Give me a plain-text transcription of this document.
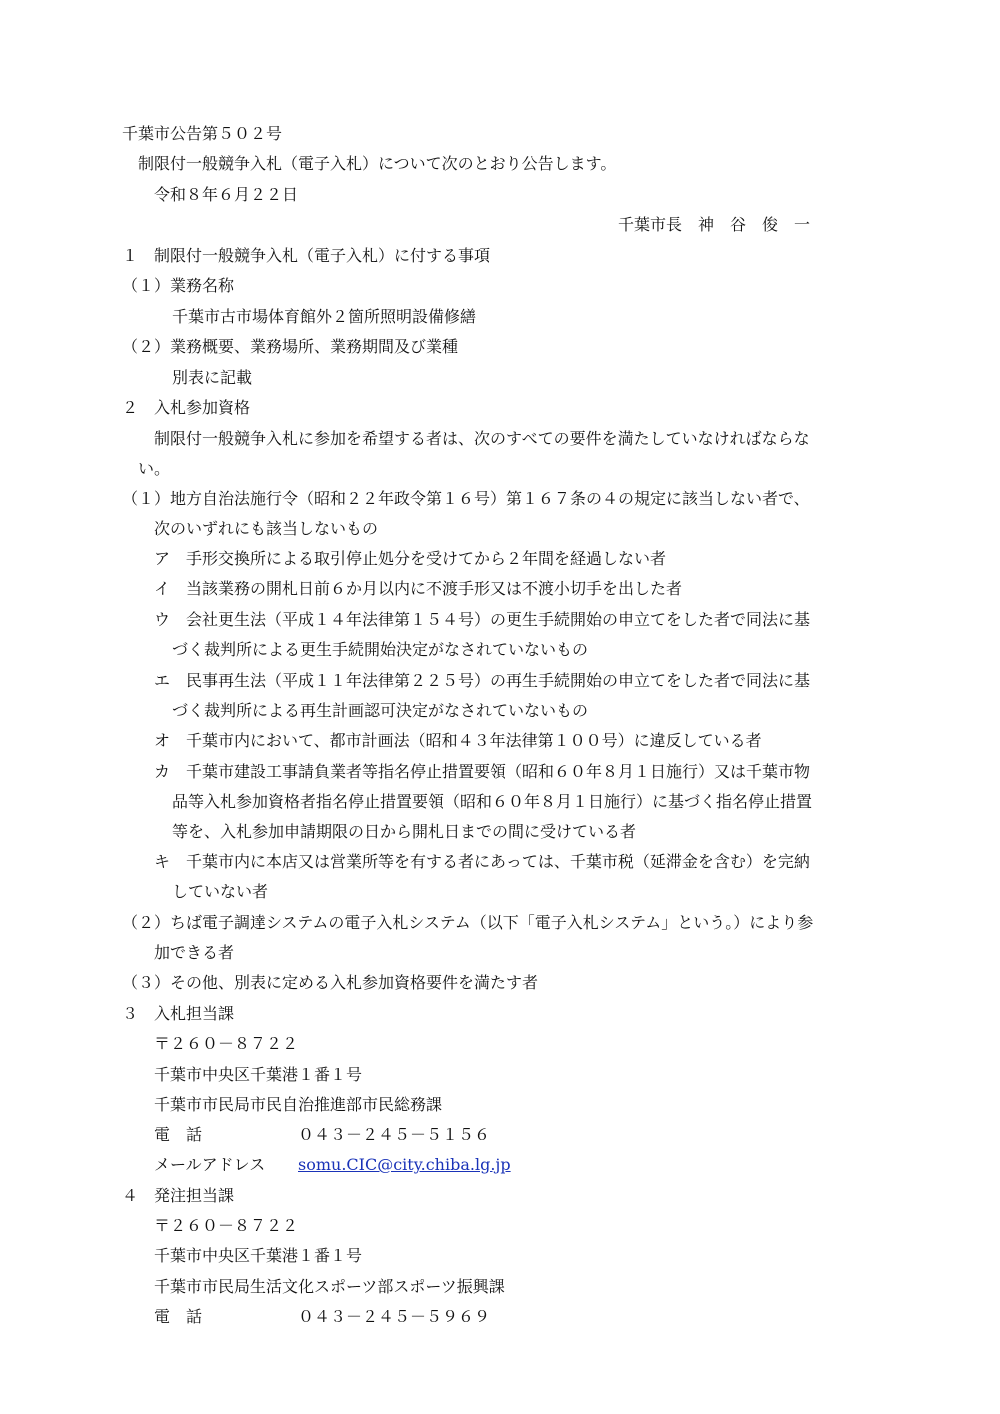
千葉市公告第５０２号
制限付一般競争入札（電子入札）について次のとおり公告します。
令和８年６月２２日
千葉市長　神　谷　俊　一
１　制限付一般競争入札（電子入札）に付する事項
（１）業務名称
千葉市古市場体育館外２箇所照明設備修繕
（２）業務概要、業務場所、業務期間及び業種
別表に記載
２　入札参加資格
制限付一般競争入札に参加を希望する者は、次のすべての要件を満たしていなければならな
い。
（１）地方自治法施行令（昭和２２年政令第１６号）第１６７条の４の規定に該当しない者で、
次のいずれにも該当しないもの
ア　手形交換所による取引停止処分を受けてから２年間を経過しない者
イ　当該業務の開札日前６か月以内に不渡手形又は不渡小切手を出した者
ウ　会社更生法（平成１４年法律第１５４号）の更生手続開始の申立てをした者で同法に基
づく裁判所による更生手続開始決定がなされていないもの
エ　民事再生法（平成１１年法律第２２５号）の再生手続開始の申立てをした者で同法に基
づく裁判所による再生計画認可決定がなされていないもの
オ　千葉市内において、都市計画法（昭和４３年法律第１００号）に違反している者
カ　千葉市建設工事請負業者等指名停止措置要領（昭和６０年８月１日施行）又は千葉市物
品等入札参加資格者指名停止措置要領（昭和６０年８月１日施行）に基づく指名停止措置
等を、入札参加申請期限の日から開札日までの間に受けている者
キ　千葉市内に本店又は営業所等を有する者にあっては、千葉市税（延滞金を含む）を完納
していない者
（２）ちば電子調達システムの電子入札システム（以下「電子入札システム」という。）により参
加できる者
（３）その他、別表に定める入札参加資格要件を満たす者
３　入札担当課
〒２６０－８７２２
千葉市中央区千葉港１番１号
千葉市市民局市民自治推進部市民総務課
電　話	０４３－２４５－５１５６
メールアドレス somu.CIC@city.chiba.lg.jp
４　発注担当課
〒２６０－８７２２
千葉市中央区千葉港１番１号
千葉市市民局生活文化スポーツ部スポーツ振興課
電　話	０４３－２４５－５９６９
